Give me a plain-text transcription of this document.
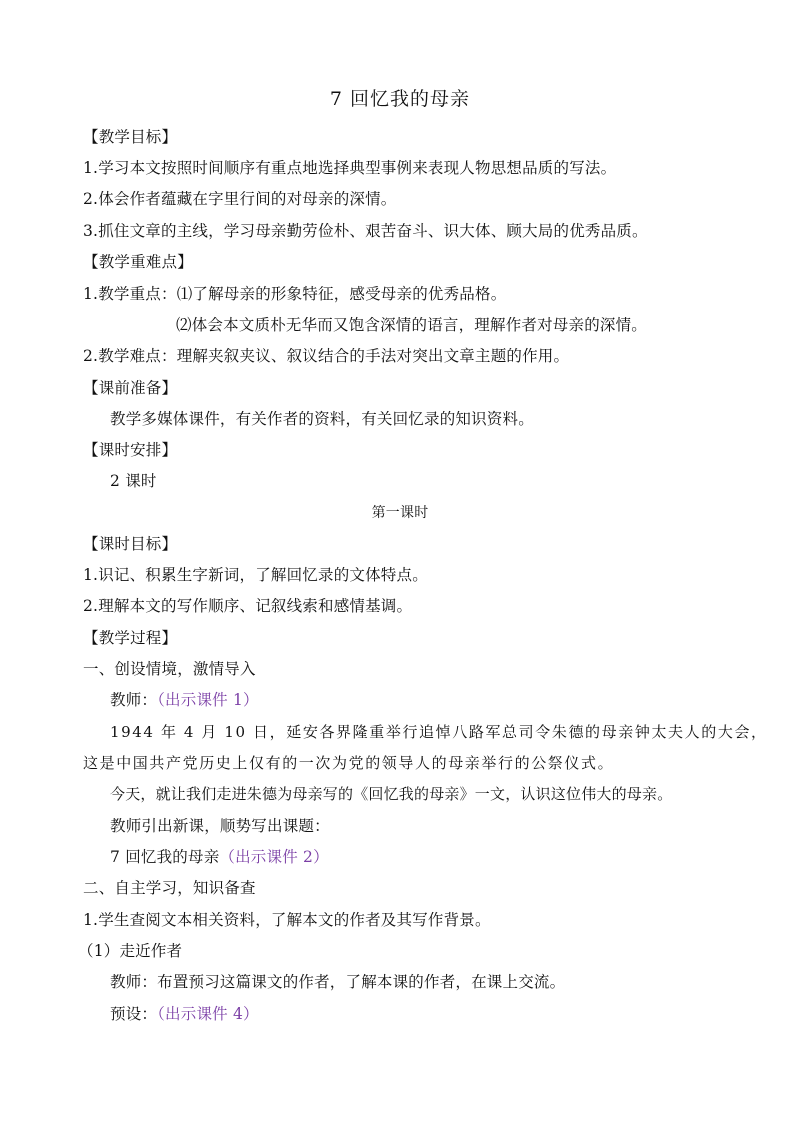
7 回忆我的母亲
【教学目标】
1.学习本文按照时间顺序有重点地选择典型事例来表现人物思想品质的写法。
2.体会作者蕴藏在字里行间的对母亲的深情。
3.抓住文章的主线，学习母亲勤劳俭朴、艰苦奋斗、识大体、顾大局的优秀品质。
【教学重难点】
1.教学重点：⑴了解母亲的形象特征，感受母亲的优秀品格。
⑵体会本文质朴无华而又饱含深情的语言，理解作者对母亲的深情。
2.教学难点：理解夹叙夹议、叙议结合的手法对突出文章主题的作用。
【课前准备】
教学多媒体课件，有关作者的资料，有关回忆录的知识资料。
【课时安排】
2 课时
第一课时
【课时目标】
1.识记、积累生字新词，了解回忆录的文体特点。
2.理解本文的写作顺序、记叙线索和感情基调。
【教学过程】
一、创设情境，激情导入
教师：（出示课件 1）
1944 年 4 月 10 日，延安各界隆重举行追悼八路军总司令朱德的母亲钟太夫人的大会，
这是中国共产党历史上仅有的一次为党的领导人的母亲举行的公祭仪式。
今天，就让我们走进朱德为母亲写的《回忆我的母亲》一文，认识这位伟大的母亲。
教师引出新课，顺势写出课题：
7 回忆我的母亲（出示课件 2）
二、自主学习，知识备查
1.学生查阅文本相关资料，了解本文的作者及其写作背景。
（1）走近作者
教师：布置预习这篇课文的作者，了解本课的作者，在课上交流。
预设：（出示课件 4）
